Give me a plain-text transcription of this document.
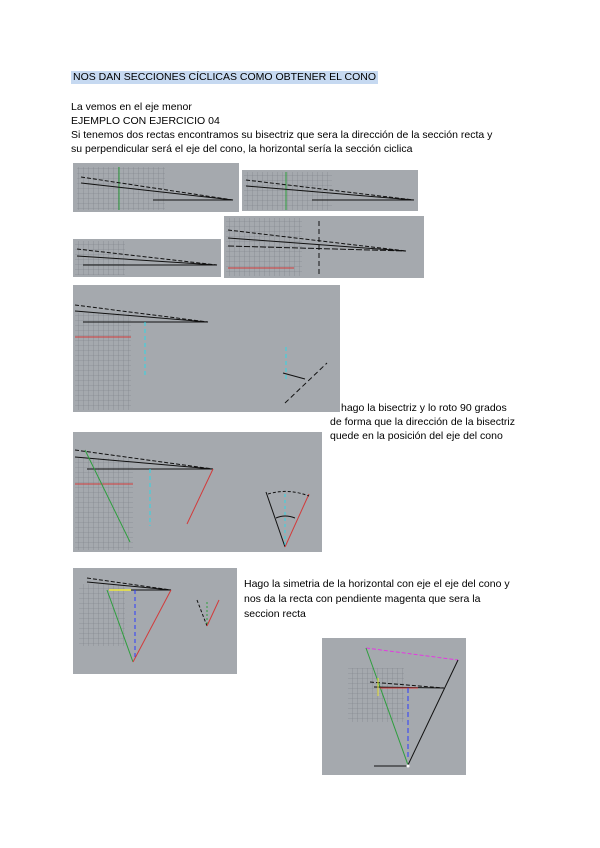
NOS DAN SECCIONES CÍCLICAS COMO OBTENER EL CONO
La vemos en el eje menor
EJEMPLO CON EJERCICIO 04
Si tenemos dos rectas encontramos su bisectriz que sera la dirección de la sección recta y
su perpendicular será el eje del cono, la horizontal sería la sección ciclica
hago la bisectriz y lo roto 90 grados
de forma que la dirección de la bisectriz
quede en la posición del eje del cono
Hago la simetria de la horizontal con eje el eje del cono y
nos da la recta con pendiente magenta que sera la
seccion recta
